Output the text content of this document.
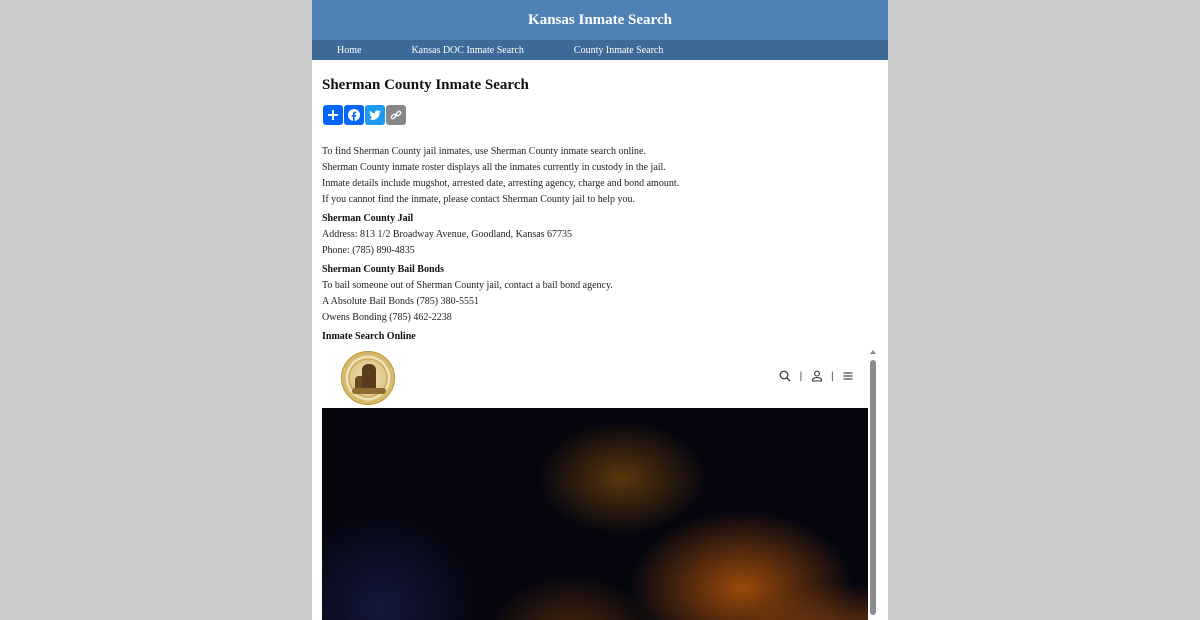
Kansas Inmate Search
Home	Kansas DOC Inmate Search	County Inmate Search
Sherman County Inmate Search
To find Sherman County jail inmates, use Sherman County inmate search online.
Sherman County inmate roster displays all the inmates currently in custody in the jail.
Inmate details include mugshot, arrested date, arresting agency, charge and bond amount.
If you cannot find the inmate, please contact Sherman County jail to help you.
Sherman County Jail
Address: 813 1/2 Broadway Avenue, Goodland, Kansas 67735
Phone: (785) 890-4835
Sherman County Bail Bonds
To bail someone out of Sherman County jail, contact a bail bond agency.
A Absolute Bail Bonds (785) 380-5551
Owens Bonding (785) 462-2238
Inmate Search Online
|	|
